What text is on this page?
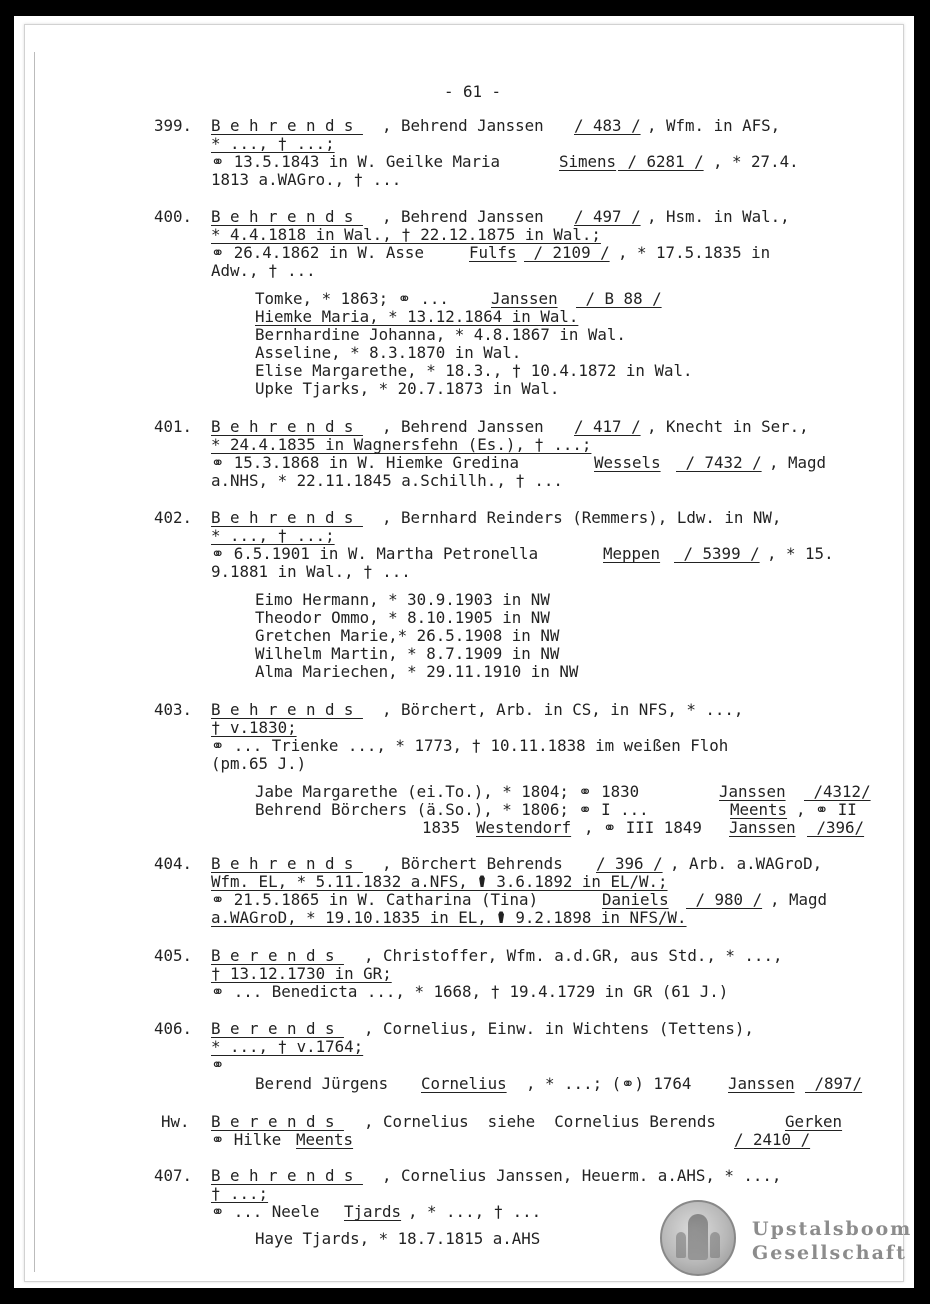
- 61 -
399. Behrends , Behrend Janssen / 483 / , Wfm. in AFS,
* ..., † ...;
⚭ 13.5.1843 in W. Geilke Maria	Simens / 6281 / , * 27.4.
1813 a.WAGro., † ...
400. Behrends , Behrend Janssen / 497 / , Hsm. in Wal.,
* 4.4.1818 in Wal., † 22.12.1875 in Wal.;
⚭ 26.4.1862 in W. Asse Fulfs / 2109 / , * 17.5.1835 in
Adw., † ...
Tomke, * 1863; ⚭ ... Janssen / B 88 /
Hiemke Maria, * 13.12.1864 in Wal.
Bernhardine Johanna, * 4.8.1867 in Wal.
Asseline, * 8.3.1870 in Wal.
Elise Margarethe, * 18.3., † 10.4.1872 in Wal.
Upke Tjarks, * 20.7.1873 in Wal.
401. Behrends , Behrend Janssen / 417 / , Knecht in Ser.,
* 24.4.1835 in Wagnersfehn (Es.), † ...;
⚭ 15.3.1868 in W. Hiemke Gredina	Wessels / 7432 / , Magd
a.NHS, * 22.11.1845 a.Schillh., † ...
402. Behrends , Bernhard Reinders (Remmers), Ldw. in NW,
* ..., † ...;
⚭ 6.5.1901 in W. Martha Petronella	Meppen / 5399 / , * 15.
9.1881 in Wal., † ...
Eimo Hermann, * 30.9.1903 in NW
Theodor Ommo, * 8.10.1905 in NW
Gretchen Marie,* 26.5.1908 in NW
Wilhelm Martin, * 8.7.1909 in NW
Alma Mariechen, * 29.11.1910 in NW
403. Behrends , Börchert, Arb. in CS, in NFS, * ...,
† v.1830;
⚭ ... Trienke ..., * 1773, † 10.11.1838 im weißen Floh
(pm.65 J.)
Jabe Margarethe (ei.To.), * 1804; ⚭ 1830	Janssen /4312/
Behrend Börchers (ä.So.), * 1806; ⚭ I ...	Meents , ⚭ II
1835 Westendorf , ⚭ III 1849 Janssen /396/
404. Behrends , Börchert Behrends / 396 / , Arb. a.WAGroD,
Wfm. EL, * 5.11.1832 a.NFS, ⚰ 3.6.1892 in EL/W.;
⚭ 21.5.1865 in W. Catharina (Tina)	Daniels / 980 / , Magd
a.WAGroD, * 19.10.1835 in EL, ⚰ 9.2.1898 in NFS/W.
405. Berends , Christoffer, Wfm. a.d.GR, aus Std., * ...,
† 13.12.1730 in GR;
⚭ ... Benedicta ..., * 1668, † 19.4.1729 in GR (61 J.)
406. Berends , Cornelius, Einw. in Wichtens (Tettens),
* ..., † v.1764;
⚭
Berend Jürgens Cornelius , * ...; (⚭) 1764 Janssen /897/
Hw. Berends , Cornelius  siehe  Cornelius Berends	Gerken
⚭ Hilke Meents	/ 2410 /
407. Behrends , Cornelius Janssen, Heuerm. a.AHS, * ...,
† ...;
⚭ ... Neele Tjards , * ..., † ...
Haye Tjards, * 18.7.1815 a.AHS	Upstalsboom
Gesellschaft
